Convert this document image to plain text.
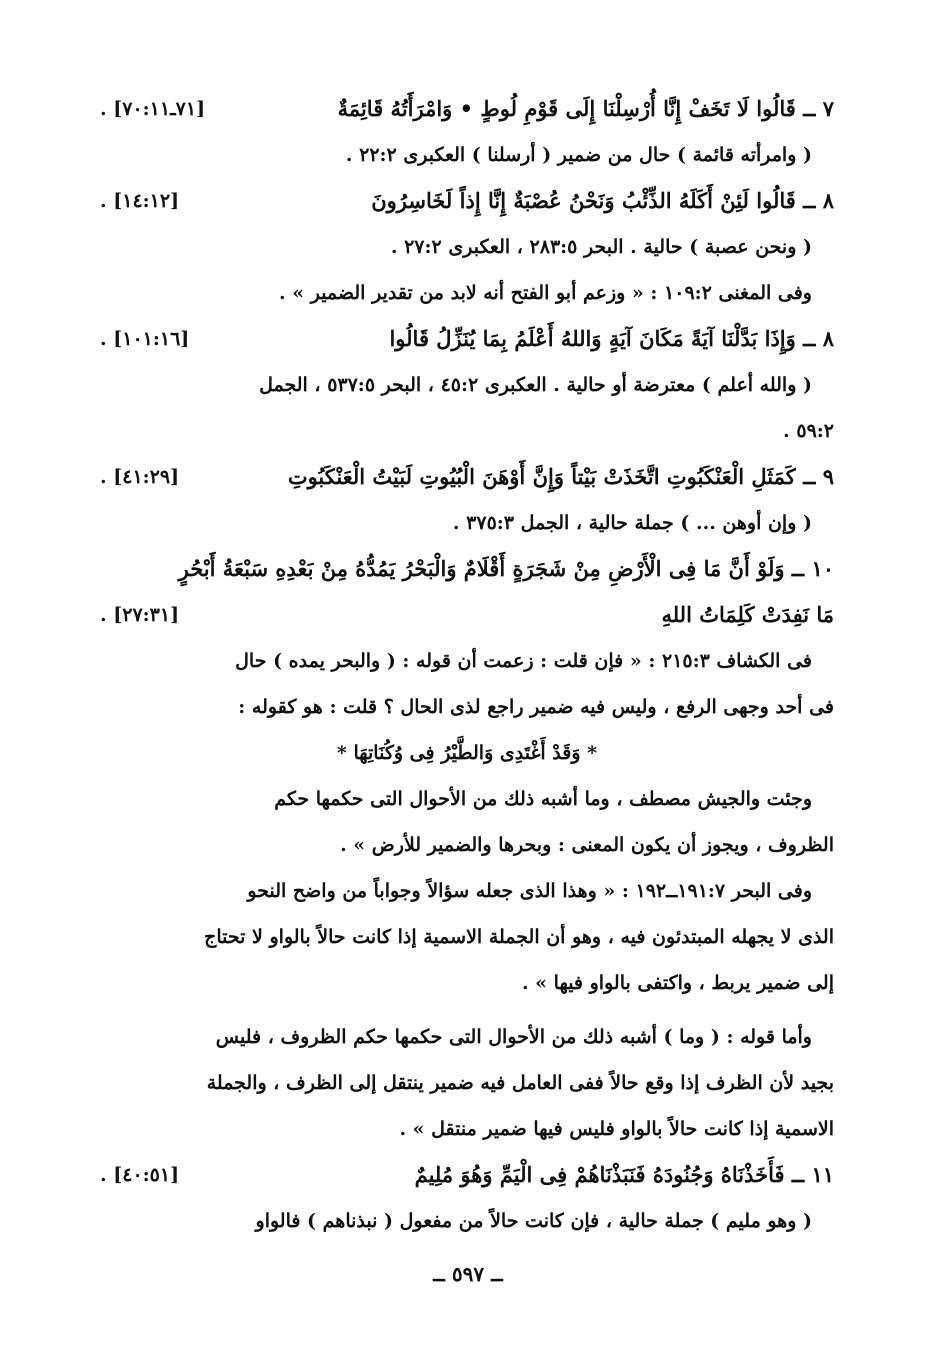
٧ ــ قَالُوا لَا تَخَفْ إِنَّا أُرْسِلْنَا إِلَى قَوْمِ لُوطٍ • وَامْرَأَتُهُ قَائِمَةٌ
[٧١ـ٧٠:١١] .
( وامرأته قائمة ) حال من ضمير ( أرسلنا ) العكبرى ٢٢:٢ .
٨ ــ قَالُوا لَئِنْ أَكَلَهُ الذِّئْبُ وَنَحْنُ عُصْبَةٌ إِنَّا إِذاً لَخَاسِرُونَ
[١٤:١٢] .
( ونحن عصبة ) حالية . البحر ٢٨٣:٥ ، العكبرى ٢٧:٢ .
وفى المغنى ١٠٩:٢ : « وزعم أبو الفتح أنه لابد من تقدير الضمير » .
٨ ــ وَإِذَا بَدَّلْنَا آيَةً مَكَانَ آيَةٍ وَاللهُ أَعْلَمُ بِمَا يُنَزِّلُ قَالُوا
[١٠١:١٦] .
( والله أعلم ) معترضة أو حالية . العكبرى ٤٥:٢ ، البحر ٥٣٧:٥ ، الجمل
٥٩:٢ .
٩ ــ كَمَثَلِ الْعَنْكَبُوتِ اتَّخَذَتْ بَيْتاً وَإِنَّ أَوْهَنَ الْبُيُوتِ لَبَيْتُ الْعَنْكَبُوتِ
[٤١:٢٩] .
( وإن أوهن ... ) جملة حالية ، الجمل ٣٧٥:٣ .
١٠ ــ وَلَوْ أَنَّ مَا فِى الْأَرْضِ مِنْ شَجَرَةٍ أَقْلَامٌ وَالْبَحْرُ يَمُدُّهُ مِنْ بَعْدِهِ سَبْعَةُ أَبْحُرٍ
مَا نَفِدَتْ كَلِمَاتُ اللهِ
[٢٧:٣١] .
فى الكشاف ٢١٥:٣ : « فإن قلت : زعمت أن قوله : ( والبحر يمده ) حال
فى أحد وجهى الرفع ، وليس فيه ضمير راجع لذى الحال ؟ قلت : هو كقوله :
* وَقَدْ أَغْتَدِى وَالطَّيْرُ فِى وُكُنَاتِهَا *
وجئت والجيش مصطف ، وما أشبه ذلك من الأحوال التى حكمها حكم
الظروف ، ويجوز أن يكون المعنى : وبحرها والضمير للأرض » .
وفى البحر ١٩١:٧ــ١٩٢ : « وهذا الذى جعله سؤالاً وجواباً من واضح النحو
الذى لا يجهله المبتدئون فيه ، وهو أن الجملة الاسمية إذا كانت حالاً بالواو لا تحتاج
إلى ضمير يربط ، واكتفى بالواو فيها » .
وأما قوله : ( وما ) أشبه ذلك من الأحوال التى حكمها حكم الظروف ، فليس
بجيد لأن الظرف إذا وقع حالاً ففى العامل فيه ضمير ينتقل إلى الظرف ، والجملة
الاسمية إذا كانت حالاً بالواو فليس فيها ضمير منتقل » .
١١ ــ فَأَخَذْنَاهُ وَجُنُودَهُ فَنَبَذْنَاهُمْ فِى الْيَمِّ وَهُوَ مُلِيمٌ
[٤٠:٥١] .
( وهو مليم ) جملة حالية ، فإن كانت حالاً من مفعول ( نبذناهم ) فالواو
ــ ٥٩٧ ــ
